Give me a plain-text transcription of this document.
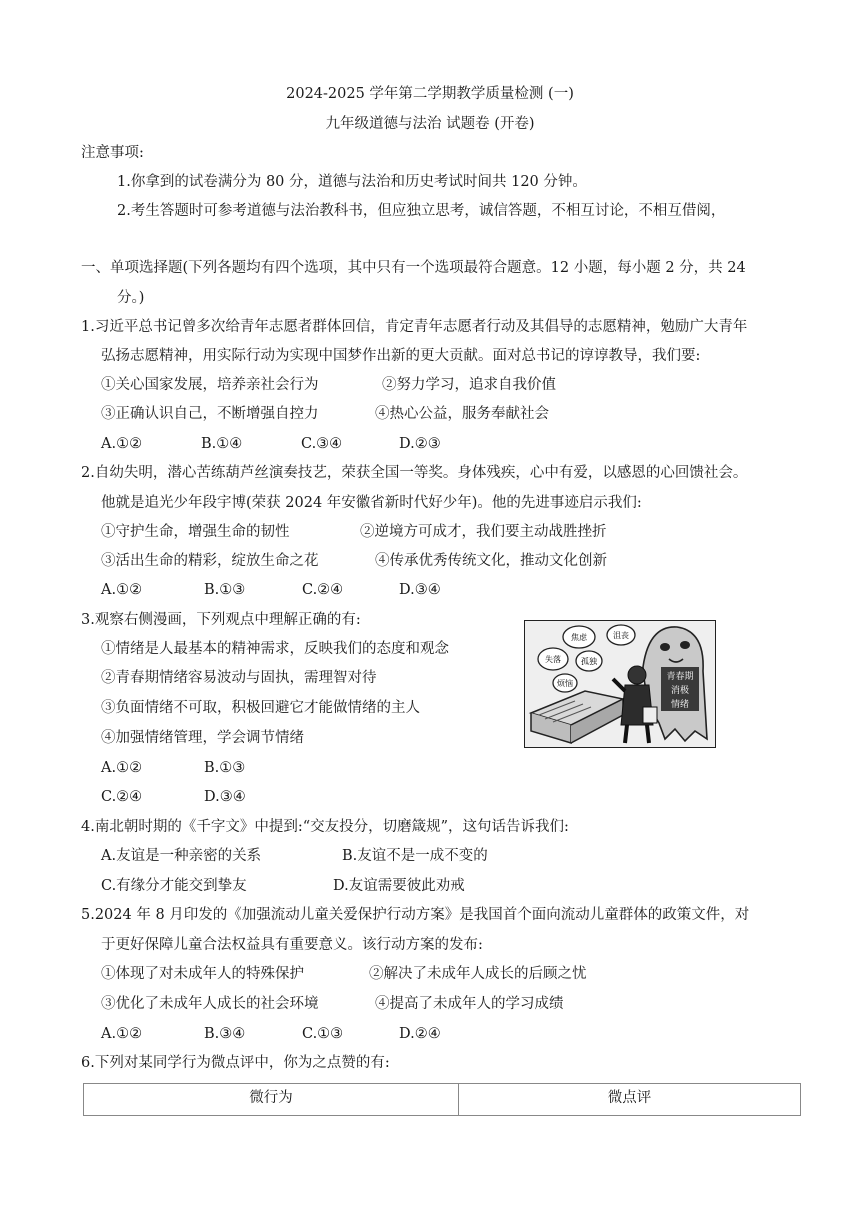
2024-2025 学年第二学期教学质量检测 (一)
九年级道德与法治 试题卷 (开卷)
注意事项:
1.你拿到的试卷满分为 80 分，道德与法治和历史考试时间共 120 分钟。
2.考生答题时可参考道德与法治教科书，但应独立思考，诚信答题，不相互讨论，不相互借阅，
一、单项选择题(下列各题均有四个选项，其中只有一个选项最符合题意。12 小题，每小题 2 分，共 24
分。)
1.习近平总书记曾多次给青年志愿者群体回信，肯定青年志愿者行动及其倡导的志愿精神，勉励广大青年
弘扬志愿精神，用实际行动为实现中国梦作出新的更大贡献。面对总书记的谆谆教导，我们要:
①关心国家发展，培养亲社会行为	②努力学习，追求自我价值
③正确认识自己，不断增强自控力	④热心公益，服务奉献社会
A.①②	B.①④	C.③④	D.②③
2.自幼失明，潜心苦练葫芦丝演奏技艺，荣获全国一等奖。身体残疾，心中有爱，以感恩的心回馈社会。
他就是追光少年段宇博(荣获 2024 年安徽省新时代好少年)。他的先进事迹启示我们:
①守护生命，增强生命的韧性	②逆境方可成才，我们要主动战胜挫折
③活出生命的精彩，绽放生命之花	④传承优秀传统文化，推动文化创新
A.①②	B.①③	C.②④	D.③④
3.观察右侧漫画，下列观点中理解正确的有:
①情绪是人最基本的精神需求，反映我们的态度和观念
②青春期情绪容易波动与固执，需理智对待
③负面情绪不可取，积极回避它才能做情绪的主人
④加强情绪管理，学会调节情绪
A.①②	B.①③
C.②④	D.③④
青春期
消极
情绪
焦虑	沮丧
失落	孤独
烦恼
4.南北朝时期的《千字文》中提到:“交友投分，切磨箴规”，这句话告诉我们:
A.友谊是一种亲密的关系	B.友谊不是一成不变的
C.有缘分才能交到挚友	D.友谊需要彼此劝戒
5.2024 年 8 月印发的《加强流动儿童关爱保护行动方案》是我国首个面向流动儿童群体的政策文件，对
于更好保障儿童合法权益具有重要意义。该行动方案的发布:
①体现了对未成年人的特殊保护	②解决了未成年人成长的后顾之忧
③优化了未成年人成长的社会环境	④提高了未成年人的学习成绩
A.①②	B.③④	C.①③	D.②④
6.下列对某同学行为微点评中，你为之点赞的有:
微行为	微点评
